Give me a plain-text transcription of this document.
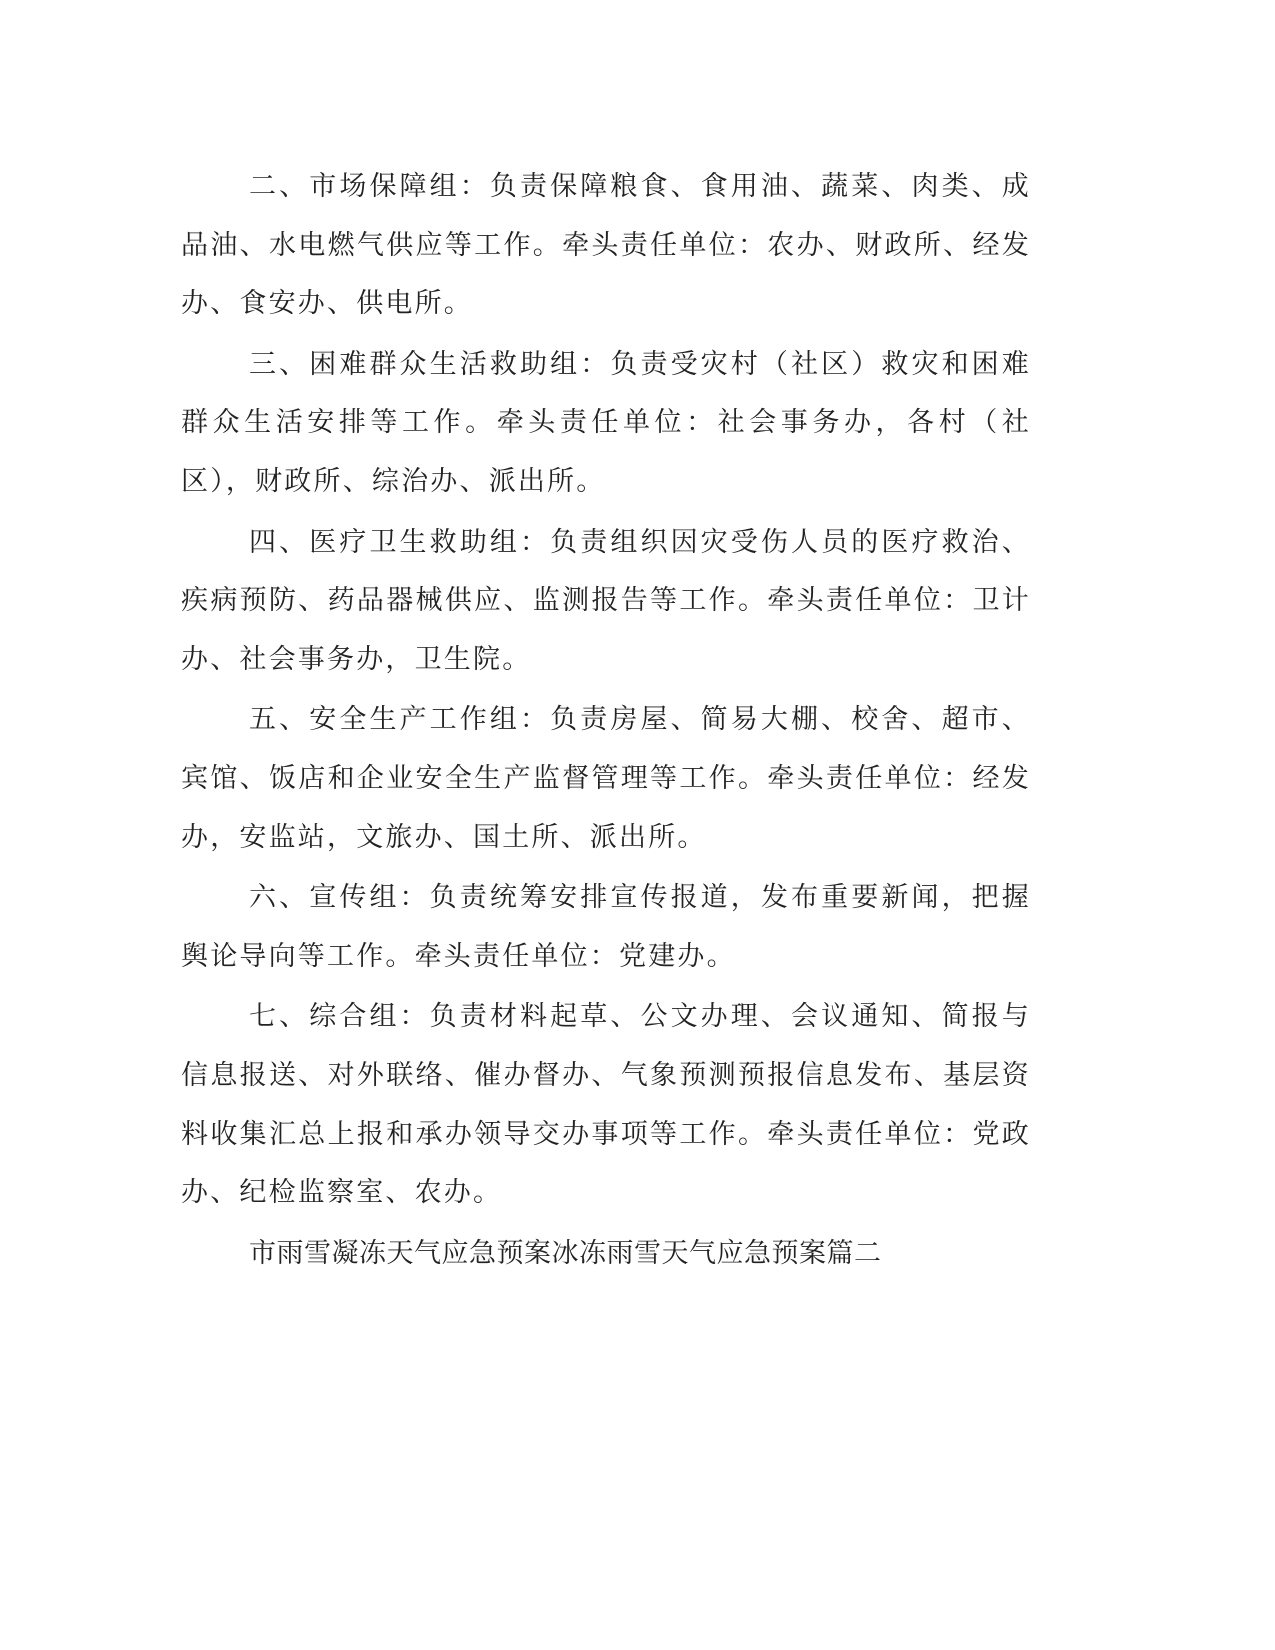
二、市场保障组：负责保障粮食、食用油、蔬菜、肉类、成品油、水电燃气供应等工作。牵头责任单位：农办、财政所、经发办、食安办、供电所。

三、困难群众生活救助组：负责受灾村（社区）救灾和困难群众生活安排等工作。牵头责任单位：社会事务办，各村（社区），财政所、综治办、派出所。

四、医疗卫生救助组：负责组织因灾受伤人员的医疗救治、疾病预防、药品器械供应、监测报告等工作。牵头责任单位：卫计办、社会事务办，卫生院。

五、安全生产工作组：负责房屋、简易大棚、校舍、超市、宾馆、饭店和企业安全生产监督管理等工作。牵头责任单位：经发办，安监站，文旅办、国土所、派出所。

六、宣传组：负责统筹安排宣传报道，发布重要新闻，把握舆论导向等工作。牵头责任单位：党建办。

七、综合组：负责材料起草、公文办理、会议通知、简报与信息报送、对外联络、催办督办、气象预测预报信息发布、基层资料收集汇总上报和承办领导交办事项等工作。牵头责任单位：党政办、纪检监察室、农办。

市雨雪凝冻天气应急预案冰冻雨雪天气应急预案篇二
